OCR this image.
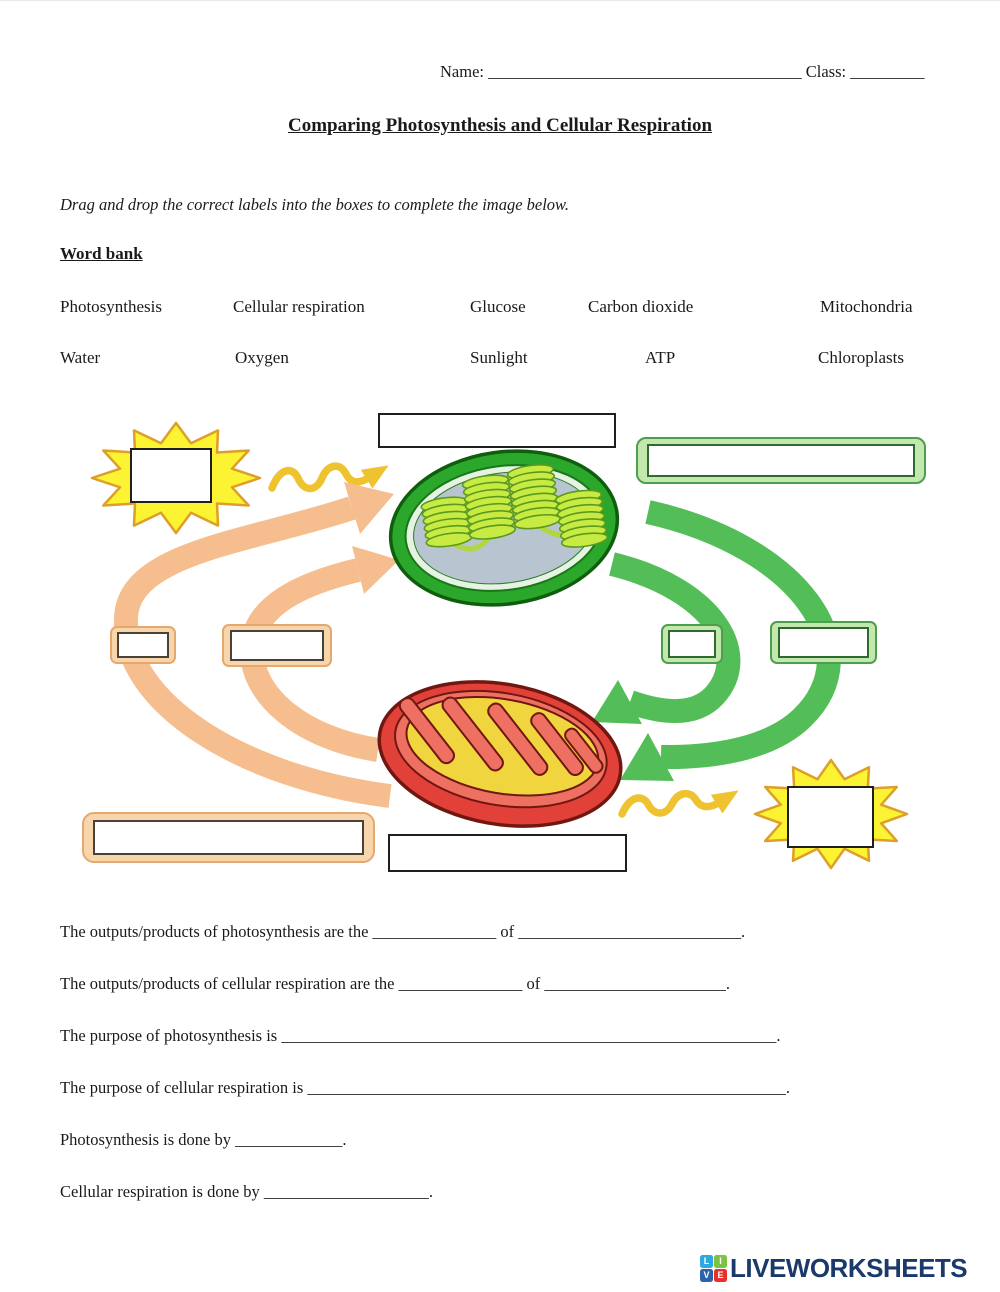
Name: ______________________________________ Class: _________
Comparing Photosynthesis and Cellular Respiration
Drag and drop the correct labels into the boxes to complete the image below.
Word bank
Photosynthesis	Cellular respiration	Glucose	Carbon dioxide	Mitochondria
Water	Oxygen	Sunlight	ATP	Chloroplasts

The outputs/products of photosynthesis are the _______________ of ___________________________.

The outputs/products of cellular respiration are the _______________ of ______________________.

The purpose of photosynthesis is ____________________________________________________________.

The purpose of cellular respiration is __________________________________________________________.

Photosynthesis is done by _____________.

Cellular respiration is done by ____________________.

L	I
V E LIVEWORKSHEETS
